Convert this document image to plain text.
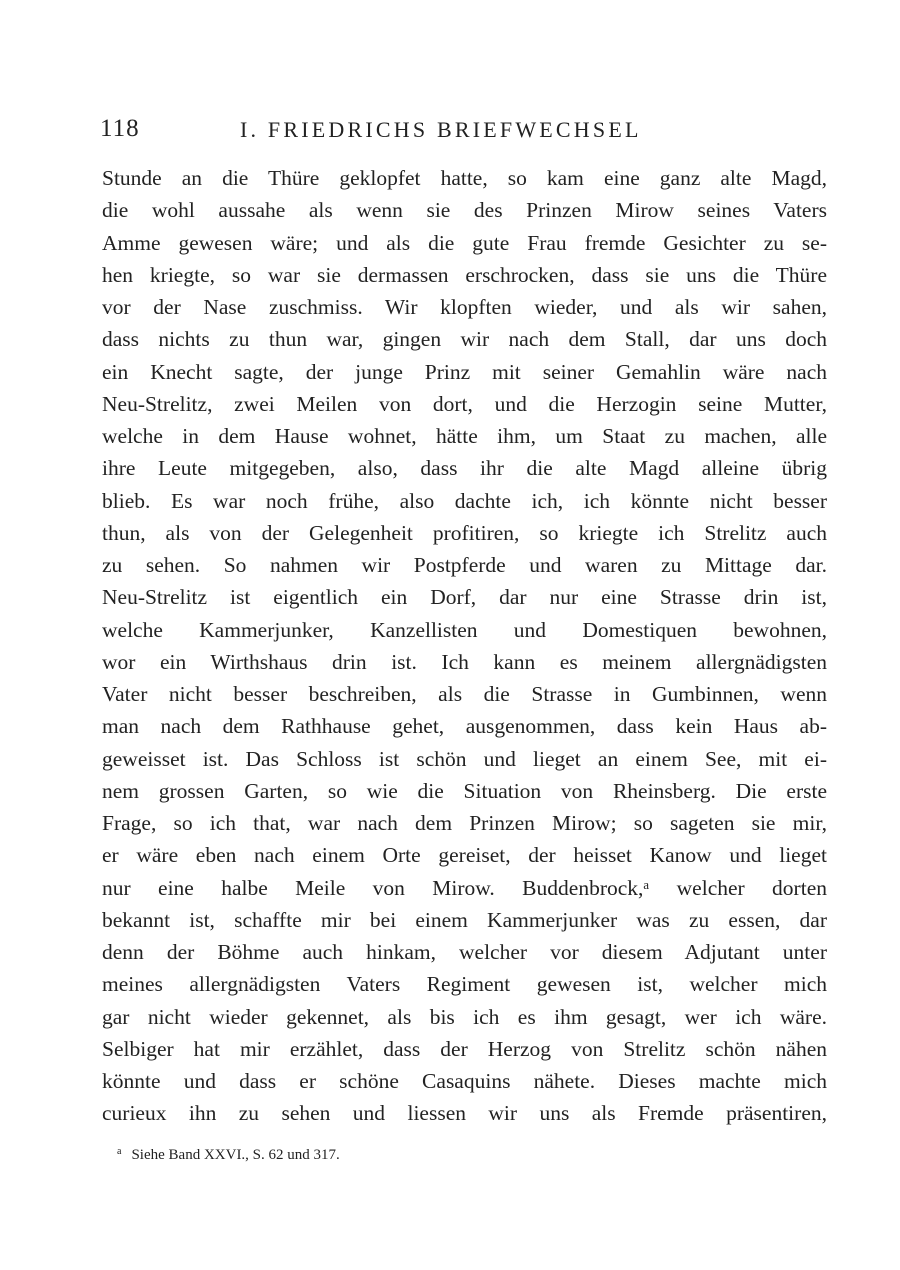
118	I. FRIEDRICHS BRIEFWECHSEL
Stunde an die Thüre geklopfet hatte, so kam eine ganz alte Magd,
die wohl aussahe als wenn sie des Prinzen Mirow seines Vaters
Amme gewesen wäre; und als die gute Frau fremde Gesichter zu se-
hen kriegte, so war sie dermassen erschrocken, dass sie uns die Thüre
vor der Nase zuschmiss. Wir klopften wieder, und als wir sahen,
dass nichts zu thun war, gingen wir nach dem Stall, dar uns doch
ein Knecht sagte, der junge Prinz mit seiner Gemahlin wäre nach
Neu-Strelitz, zwei Meilen von dort, und die Herzogin seine Mutter,
welche in dem Hause wohnet, hätte ihm, um Staat zu machen, alle
ihre Leute mitgegeben, also, dass ihr die alte Magd alleine übrig
blieb. Es war noch frühe, also dachte ich, ich könnte nicht besser
thun, als von der Gelegenheit profitiren, so kriegte ich Strelitz auch
zu sehen. So nahmen wir Postpferde und waren zu Mittage dar.
Neu-Strelitz ist eigentlich ein Dorf, dar nur eine Strasse drin ist,
welche Kammerjunker, Kanzellisten und Domestiquen bewohnen,
wor ein Wirthshaus drin ist. Ich kann es meinem allergnädigsten
Vater nicht besser beschreiben, als die Strasse in Gumbinnen, wenn
man nach dem Rathhause gehet, ausgenommen, dass kein Haus ab-
geweisset ist. Das Schloss ist schön und lieget an einem See, mit ei-
nem grossen Garten, so wie die Situation von Rheinsberg. Die erste
Frage, so ich that, war nach dem Prinzen Mirow; so sageten sie mir,
er wäre eben nach einem Orte gereiset, der heisset Kanow und lieget
nur eine halbe Meile von Mirow. Buddenbrock,ᵃ welcher dorten
bekannt ist, schaffte mir bei einem Kammerjunker was zu essen, dar
denn der Böhme auch hinkam, welcher vor diesem Adjutant unter
meines allergnädigsten Vaters Regiment gewesen ist, welcher mich
gar nicht wieder gekennet, als bis ich es ihm gesagt, wer ich wäre.
Selbiger hat mir erzählet, dass der Herzog von Strelitz schön nähen
könnte und dass er schöne Casaquins nähete. Dieses machte mich
curieux ihn zu sehen und liessen wir uns als Fremde präsentiren,
$^a$ Siehe Band XXVI., S. 62 und 317.
